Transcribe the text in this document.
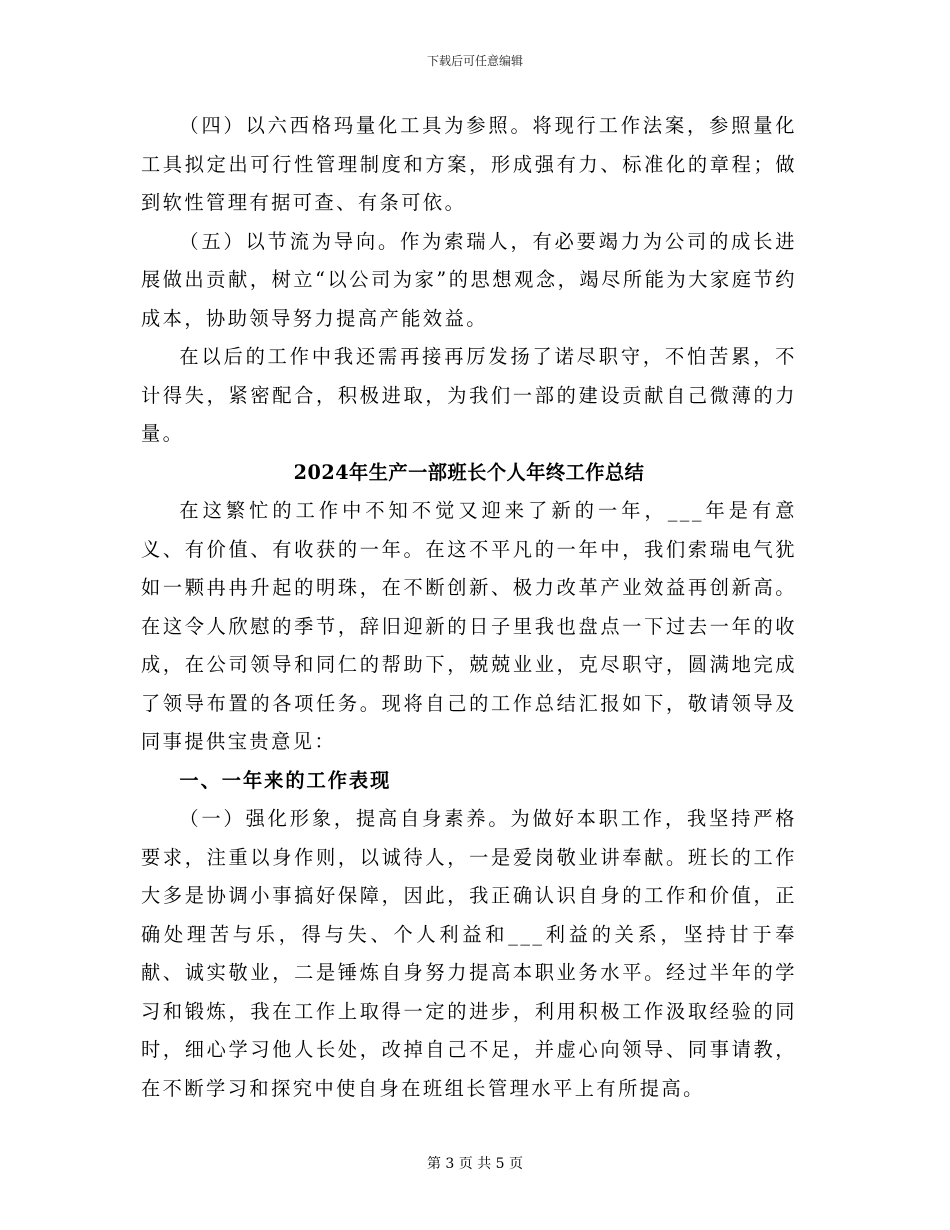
下载后可任意编辑

（四）以六西格玛量化工具为参照。将现行工作法案，参照量化工具拟定出可行性管理制度和方案，形成强有力、标准化的章程；做到软性管理有据可查、有条可依。

（五）以节流为导向。作为索瑞人，有必要竭力为公司的成长进展做出贡献，树立“以公司为家”的思想观念，竭尽所能为大家庭节约成本，协助领导努力提高产能效益。

在以后的工作中我还需再接再厉发扬了诺尽职守，不怕苦累，不计得失，紧密配合，积极进取，为我们一部的建设贡献自己微薄的力量。

2024年生产一部班长个人年终工作总结

在这繁忙的工作中不知不觉又迎来了新的一年，___年是有意义、有价值、有收获的一年。在这不平凡的一年中，我们索瑞电气犹如一颗冉冉升起的明珠，在不断创新、极力改革产业效益再创新高。在这令人欣慰的季节，辞旧迎新的日子里我也盘点一下过去一年的收成，在公司领导和同仁的帮助下，兢兢业业，克尽职守，圆满地完成了领导布置的各项任务。现将自己的工作总结汇报如下，敬请领导及同事提供宝贵意见：

一、一年来的工作表现

（一）强化形象，提高自身素养。为做好本职工作，我坚持严格要求，注重以身作则，以诚待人，一是爱岗敬业讲奉献。班长的工作大多是协调小事搞好保障，因此，我正确认识自身的工作和价值，正确处理苦与乐，得与失、个人利益和___利益的关系，坚持甘于奉献、诚实敬业，二是锤炼自身努力提高本职业务水平。经过半年的学习和锻炼，我在工作上取得一定的进步，利用积极工作汲取经验的同时，细心学习他人长处，改掉自己不足，并虚心向领导、同事请教，在不断学习和探究中使自身在班组长管理水平上有所提高。

第 3 页 共 5 页
